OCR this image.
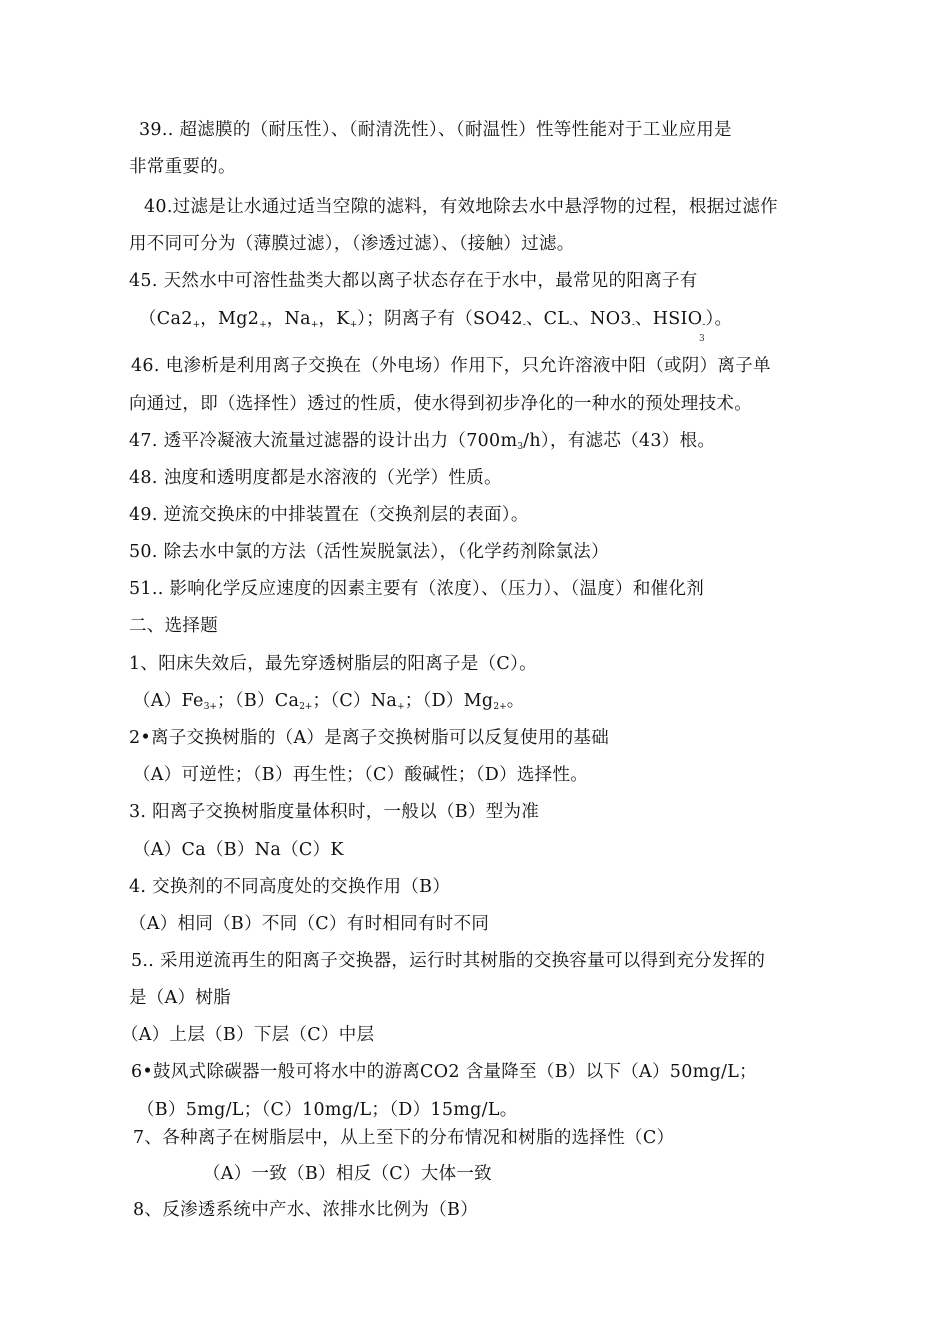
39.. 超滤膜的（耐压性）、（耐清洗性）、（耐温性）性等性能对于工业应用是
非常重要的。
40.过滤是让水通过适当空隙的滤料，有效地除去水中悬浮物的过程，根据过滤作
用不同可分为（薄膜过滤），（渗透过滤）、（接触）过滤。
45. 天然水中可溶性盐类大都以离子状态存在于水中，最常见的阳离子有
（$Ca2_+$，$Mg2_+$，$Na_+$，$K_+$）；阴离子有（$SO42_-$、$CL_-$、$NO3_-$、$HSIO_-$）。
3
46. 电渗析是利用离子交换在（外电场）作用下，只允许溶液中阳（或阴）离子单
向通过，即（选择性）透过的性质，使水得到初步净化的一种水的预处理技术。
47. 透平冷凝液大流量过滤器的设计出力$(700m_3/h)$，有滤芯（43）根。
48. 浊度和透明度都是水溶液的（光学）性质。
49. 逆流交换床的中排装置在（交换剂层的表面）。
50. 除去水中氯的方法（活性炭脱氯法），（化学药剂除氯法）
51.. 影响化学反应速度的因素主要有（浓度）、（压力）、（温度）和催化剂
二、选择题
1、阳床失效后，最先穿透树脂层的阳离子是（C）。
$(A)Fe_{3+}$；$(B)Ca_{2+}$；$(C)Na_+$；$(D)Mg_{2+}$。
2•离子交换树脂的（A）是离子交换树脂可以反复使用的基础
（A）可逆性；（B）再生性；（C）酸碱性；（D）选择性。
3. 阳离子交换树脂度量体积时，一般以（B）型为准
（A）Ca（B）Na（C）K
4. 交换剂的不同高度处的交换作用（B）
（A）相同（B）不同（C）有时相同有时不同
5.. 采用逆流再生的阳离子交换器，运行时其树脂的交换容量可以得到充分发挥的
是（A）树脂
（A）上层（B）下层（C）中层
6•鼓风式除碳器一般可将水中的游离CO2 含量降至（B）以下（A）50mg/L；
（B）5mg/L；（C）10mg/L；（D）15mg/L。
7、各种离子在树脂层中，从上至下的分布情况和树脂的选择性（C）
（A）一致（B）相反（C）大体一致
8、反渗透系统中产水、浓排水比例为（B）
